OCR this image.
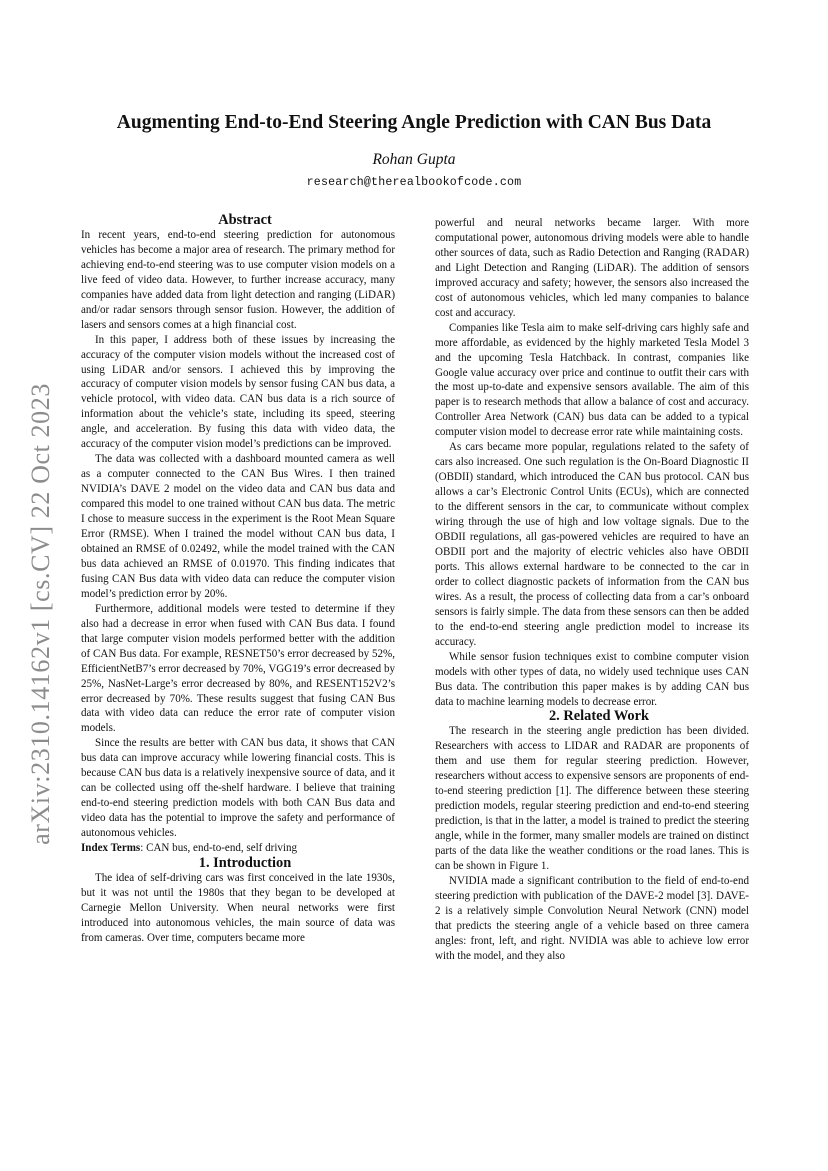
arXiv:2310.14162v1 [cs.CV] 22 Oct 2023
Augmenting End-to-End Steering Angle Prediction with CAN Bus Data
Rohan Gupta
research@therealbookofcode.com

Abstract

In recent years, end-to-end steering prediction for autonomous vehicles has become a major area of research. The primary method for achieving end-to-end steering was to use computer vision models on a live feed of video data. However, to further increase accuracy, many companies have added data from light detection and ranging (LiDAR) and/or radar sensors through sensor fusion. However, the addition of lasers and sensors comes at a high financial cost.

In this paper, I address both of these issues by increasing the accuracy of the computer vision models without the increased cost of using LiDAR and/or sensors. I achieved this by improving the accuracy of computer vision models by sensor fusing CAN bus data, a vehicle protocol, with video data. CAN bus data is a rich source of information about the vehicle’s state, including its speed, steering angle, and acceleration. By fusing this data with video data, the accuracy of the computer vision model’s predictions can be improved.

The data was collected with a dashboard mounted camera as well as a computer connected to the CAN Bus Wires. I then trained NVIDIA’s DAVE 2 model on the video data and CAN bus data and compared this model to one trained without CAN bus data. The metric I chose to measure success in the experiment is the Root Mean Square Error (RMSE). When I trained the model without CAN bus data, I obtained an RMSE of 0.02492, while the model trained with the CAN bus data achieved an RMSE of 0.01970. This finding indicates that fusing CAN Bus data with video data can reduce the computer vision model’s prediction error by 20%.

Furthermore, additional models were tested to determine if they also had a decrease in error when fused with CAN Bus data. I found that large computer vision models performed better with the addition of CAN Bus data. For example, RESNET50’s error decreased by 52%, EfficientNetB7’s error decreased by 70%, VGG19’s error decreased by 25%, NasNet-Large’s error decreased by 80%, and RESENT152V2’s error decreased by 70%. These results suggest that fusing CAN Bus data with video data can reduce the error rate of computer vision models.

Since the results are better with CAN bus data, it shows that CAN bus data can improve accuracy while lowering financial costs. This is because CAN bus data is a relatively inexpensive source of data, and it can be collected using off the-shelf hardware. I believe that training end-to-end steering prediction models with both CAN Bus data and video data has the potential to improve the safety and performance of autonomous vehicles.

Index Terms: CAN bus, end-to-end, self driving

1. Introduction

The idea of self-driving cars was first conceived in the late 1930s, but it was not until the 1980s that they began to be developed at Carnegie Mellon University. When neural networks were first introduced into autonomous vehicles, the main source of data was from cameras. Over time, computers became more

powerful and neural networks became larger. With more computational power, autonomous driving models were able to handle other sources of data, such as Radio Detection and Ranging (RADAR) and Light Detection and Ranging (LiDAR). The addition of sensors improved accuracy and safety; however, the sensors also increased the cost of autonomous vehicles, which led many companies to balance cost and accuracy.

Companies like Tesla aim to make self-driving cars highly safe and more affordable, as evidenced by the highly marketed Tesla Model 3 and the upcoming Tesla Hatchback. In contrast, companies like Google value accuracy over price and continue to outfit their cars with the most up-to-date and expensive sensors available. The aim of this paper is to research methods that allow a balance of cost and accuracy. Controller Area Network (CAN) bus data can be added to a typical computer vision model to decrease error rate while maintaining costs.

As cars became more popular, regulations related to the safety of cars also increased. One such regulation is the On-Board Diagnostic II (OBDII) standard, which introduced the CAN bus protocol. CAN bus allows a car’s Electronic Control Units (ECUs), which are connected to the different sensors in the car, to communicate without complex wiring through the use of high and low voltage signals. Due to the OBDII regulations, all gas-powered vehicles are required to have an OBDII port and the majority of electric vehicles also have OBDII ports. This allows external hardware to be connected to the car in order to collect diagnostic packets of information from the CAN bus wires. As a result, the process of collecting data from a car’s onboard sensors is fairly simple. The data from these sensors can then be added to the end-to-end steering angle prediction model to increase its accuracy.

While sensor fusion techniques exist to combine computer vision models with other types of data, no widely used technique uses CAN Bus data. The contribution this paper makes is by adding CAN bus data to machine learning models to decrease error.

2. Related Work

The research in the steering angle prediction has been divided. Researchers with access to LIDAR and RADAR are proponents of them and use them for regular steering prediction. However, researchers without access to expensive sensors are proponents of end-to-end steering prediction [1]. The difference between these steering prediction models, regular steering prediction and end-to-end steering prediction, is that in the latter, a model is trained to predict the steering angle, while in the former, many smaller models are trained on distinct parts of the data like the weather conditions or the road lanes. This is can be shown in Figure 1.

NVIDIA made a significant contribution to the field of end-to-end steering prediction with publication of the DAVE-2 model [3]. DAVE-2 is a relatively simple Convolution Neural Network (CNN) model that predicts the steering angle of a vehicle based on three camera angles: front, left, and right. NVIDIA was able to achieve low error with the model, and they also
